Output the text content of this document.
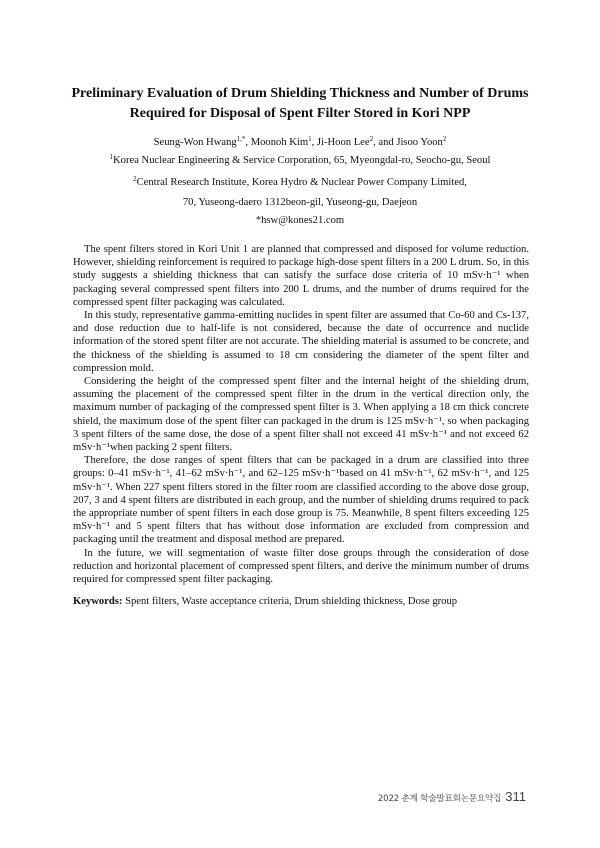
Preliminary Evaluation of Drum Shielding Thickness and Number of Drums
Required for Disposal of Spent Filter Stored in Kori NPP
Seung-Won Hwang$^{1,*}$, Moonoh Kim$^1$, Ji-Hoon Lee$^2$, and Jisoo Yoon$^2$
$^1$Korea Nuclear Engineering & Service Corporation, 65, Myeongdal-ro, Seocho-gu, Seoul
$^2$Central Research Institute, Korea Hydro & Nuclear Power Company Limited,
70, Yuseong-daero 1312beon-gil, Yuseong-gu, Daejeon
*hsw@kones21.com

The spent filters stored in Kori Unit 1 are planned that compressed and disposed for volume reduction. However, shielding reinforcement is required to package high-dose spent filters in a 200 L drum. So, in this study suggests a shielding thickness that can satisfy the surface dose criteria of 10 mSv·h⁻¹ when packaging several compressed spent filters into 200 L drums, and the number of drums required for the compressed spent filter packaging was calculated.

In this study, representative gamma-emitting nuclides in spent filter are assumed that Co-60 and Cs-137, and dose reduction due to half-life is not considered, because the date of occurrence and nuclide information of the stored spent filter are not accurate. The shielding material is assumed to be concrete, and the thickness of the shielding is assumed to 18 cm considering the diameter of the spent filter and compression mold.

Considering the height of the compressed spent filter and the internal height of the shielding drum, assuming the placement of the compressed spent filter in the drum in the vertical direction only, the maximum number of packaging of the compressed spent filter is 3. When applying a 18 cm thick concrete shield, the maximum dose of the spent filter can packaged in the drum is 125 mSv·h⁻¹, so when packaging 3 spent filters of the same dose, the dose of a spent filter shall not exceed 41 mSv·h⁻¹ and not exceed 62 mSv·h⁻¹when packing 2 spent filters.

Therefore, the dose ranges of spent filters that can be packaged in a drum are classified into three groups: 0–41 mSv·h⁻¹, 41–62 mSv·h⁻¹, and 62–125 mSv·h⁻¹based on 41 mSv·h⁻¹, 62 mSv·h⁻¹, and 125 mSv·h⁻¹. When 227 spent filters stored in the filter room are classified according to the above dose group, 207, 3 and 4 spent filters are distributed in each group, and the number of shielding drums required to pack the appropriate number of spent filters in each dose group is 75. Meanwhile, 8 spent filters exceeding 125 mSv·h⁻¹ and 5 spent filters that has without dose information are excluded from compression and packaging until the treatment and disposal method are prepared.

In the future, we will segmentation of waste filter dose groups through the consideration of dose reduction and horizontal placement of compressed spent filters, and derive the minimum number of drums required for compressed spent filter packaging.

Keywords: Spent filters, Waste acceptance criteria, Drum shielding thickness, Dose group
2022 춘계 학술발표회논문요약집 311
